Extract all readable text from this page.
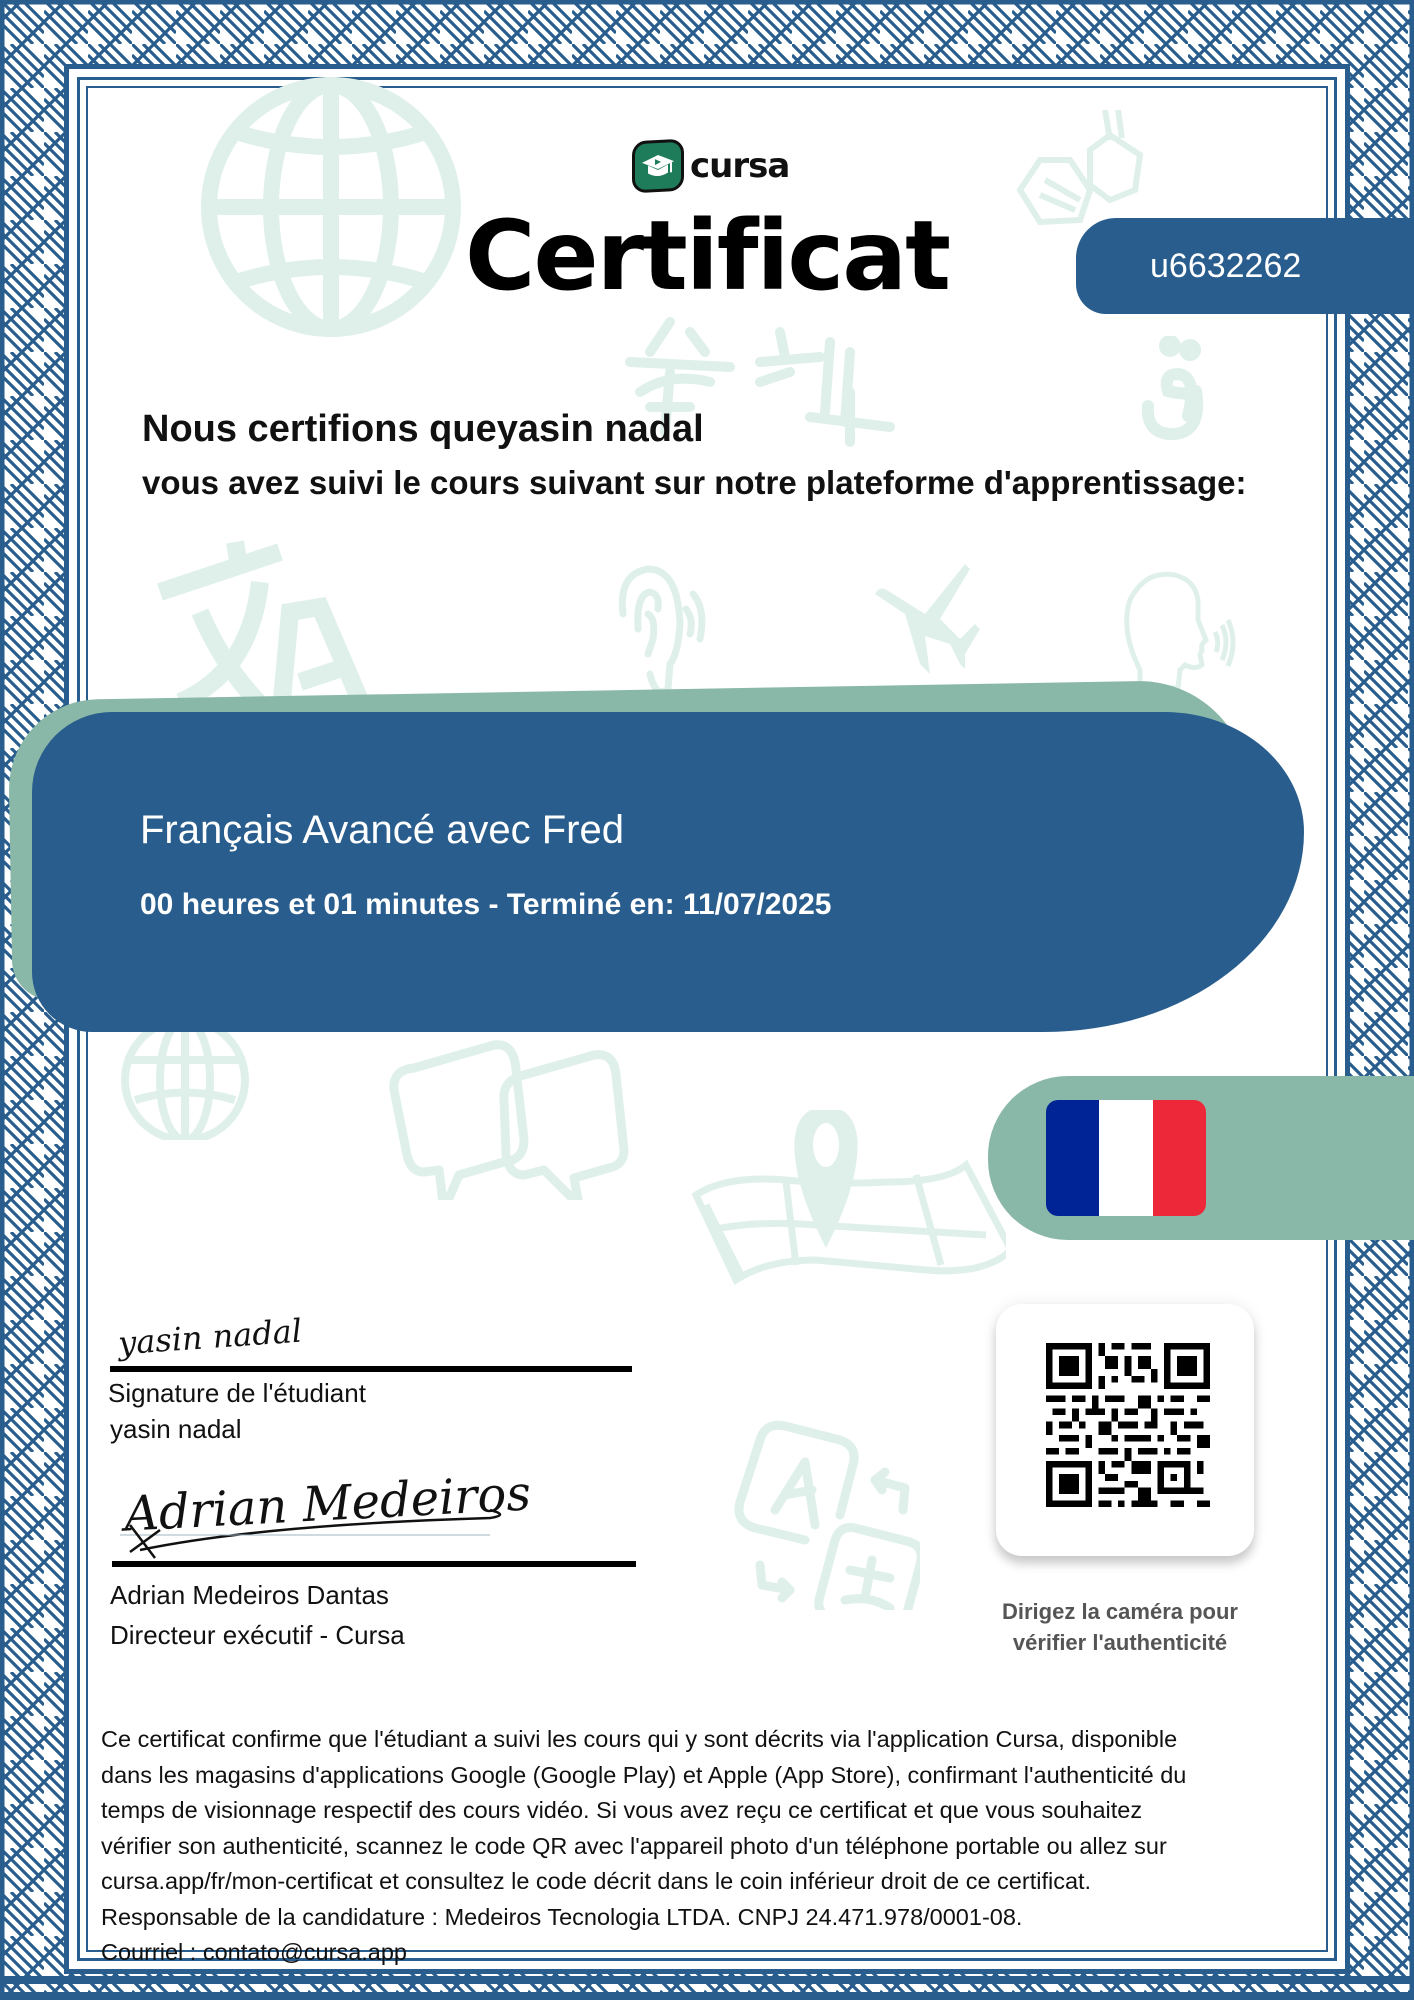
cursa
Certificat	u6632262
Nous certifions queyasin nadal
vous avez suivi le cours suivant sur notre plateforme d'apprentissage:
Français Avancé avec Fred
00 heures et 01 minutes - Terminé en: 11/07/2025
yasin nadal
Signature de l'étudiant
yasin nadal
Adrian Medeiros
Adrian Medeiros Dantas
Directeur exécutif - Cursa
Dirigez la caméra pour
vérifier l'authenticité
Ce certificat confirme que l'étudiant a suivi les cours qui y sont décrits via l'application Cursa, disponible
dans les magasins d'applications Google (Google Play) et Apple (App Store), confirmant l'authenticité du
temps de visionnage respectif des cours vidéo. Si vous avez reçu ce certificat et que vous souhaitez
vérifier son authenticité, scannez le code QR avec l'appareil photo d'un téléphone portable ou allez sur
cursa.app/fr/mon-certificat et consultez le code décrit dans le coin inférieur droit de ce certificat.
Responsable de la candidature : Medeiros Tecnologia LTDA. CNPJ 24.471.978/0001-08.
Courriel : contato@cursa.app
